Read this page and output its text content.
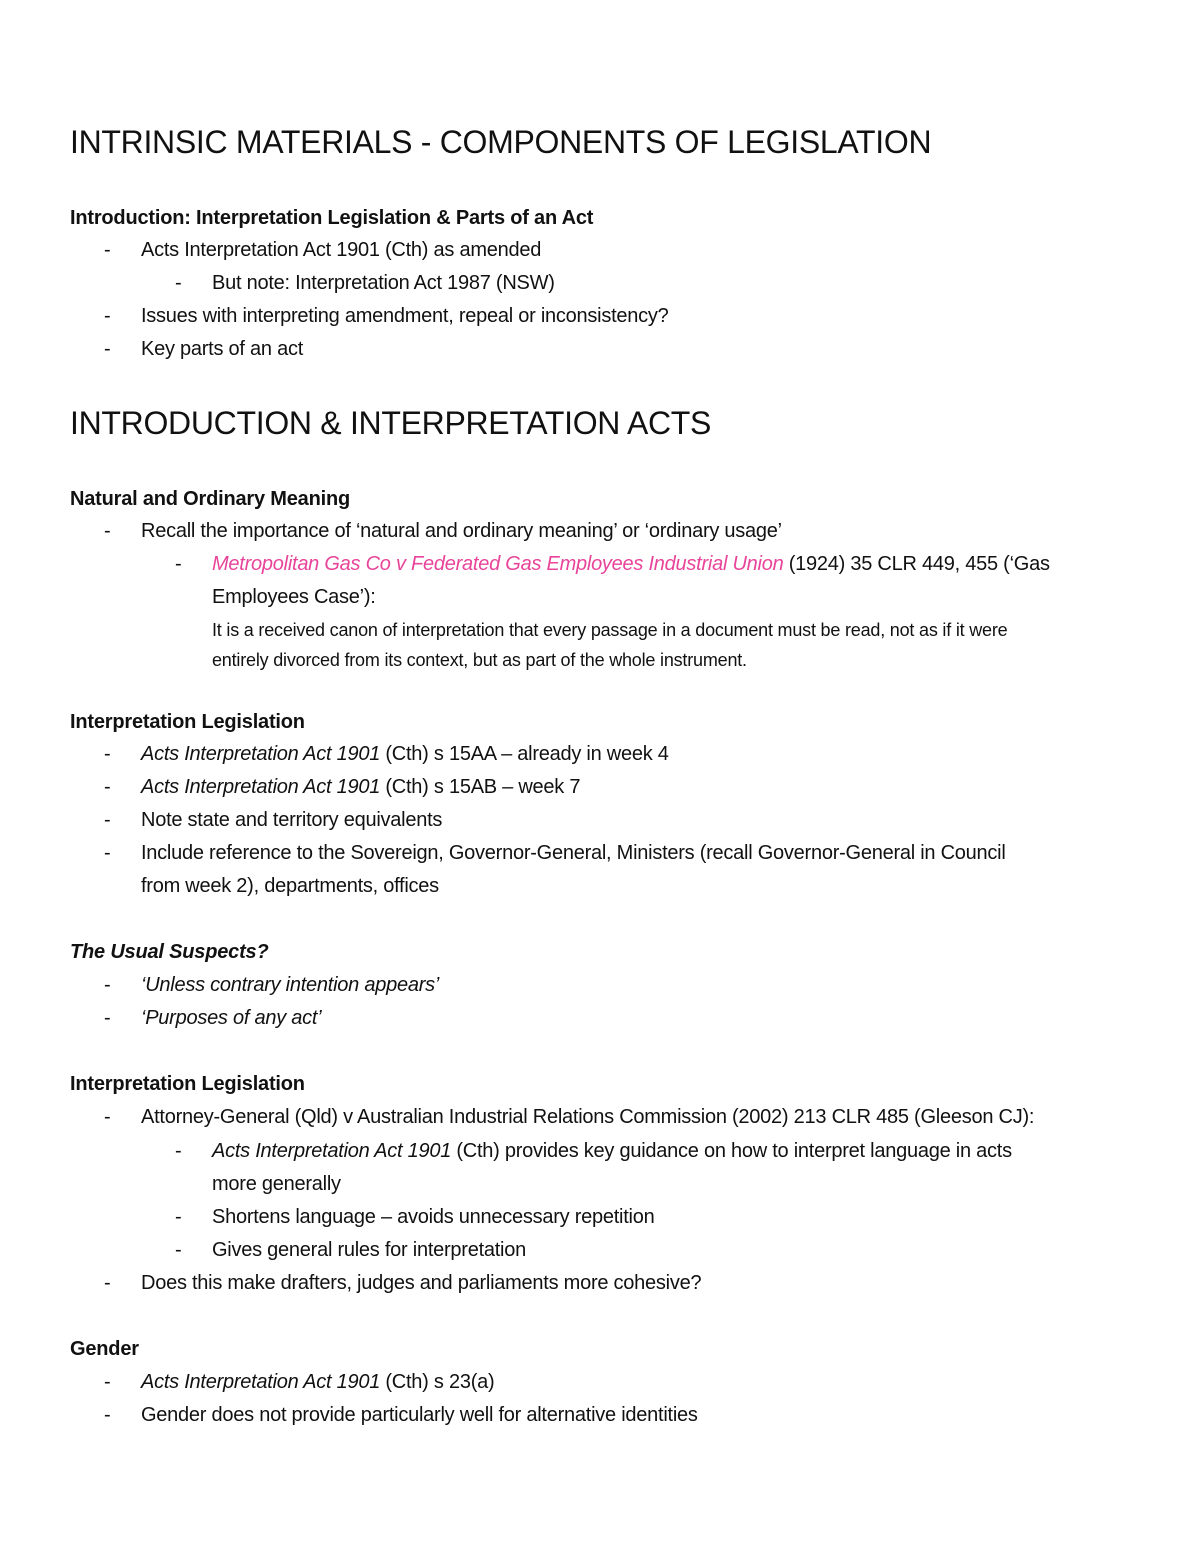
INTRINSIC MATERIALS - COMPONENTS OF LEGISLATION
Introduction: Interpretation Legislation & Parts of an Act
- Acts Interpretation Act 1901 (Cth) as amended
- But note: Interpretation Act 1987 (NSW)
- Issues with interpreting amendment, repeal or inconsistency?
- Key parts of an act
INTRODUCTION & INTERPRETATION ACTS
Natural and Ordinary Meaning
- Recall the importance of ‘natural and ordinary meaning’ or ‘ordinary usage’
- Metropolitan Gas Co v Federated Gas Employees Industrial Union (1924) 35 CLR 449, 455 (‘Gas
Employees Case’):
It is a received canon of interpretation that every passage in a document must be read, not as if it were
entirely divorced from its context, but as part of the whole instrument.
Interpretation Legislation
- Acts Interpretation Act 1901 (Cth) s 15AA – already in week 4
- Acts Interpretation Act 1901 (Cth) s 15AB – week 7
- Note state and territory equivalents
- Include reference to the Sovereign, Governor-General, Ministers (recall Governor-General in Council
from week 2), departments, offices
The Usual Suspects?
- ‘Unless contrary intention appears’
- ‘Purposes of any act’
Interpretation Legislation
- Attorney-General (Qld) v Australian Industrial Relations Commission (2002) 213 CLR 485 (Gleeson CJ):
- Acts Interpretation Act 1901 (Cth) provides key guidance on how to interpret language in acts
more generally
- Shortens language – avoids unnecessary repetition
- Gives general rules for interpretation
- Does this make drafters, judges and parliaments more cohesive?
Gender
- Acts Interpretation Act 1901 (Cth) s 23(a)
- Gender does not provide particularly well for alternative identities
